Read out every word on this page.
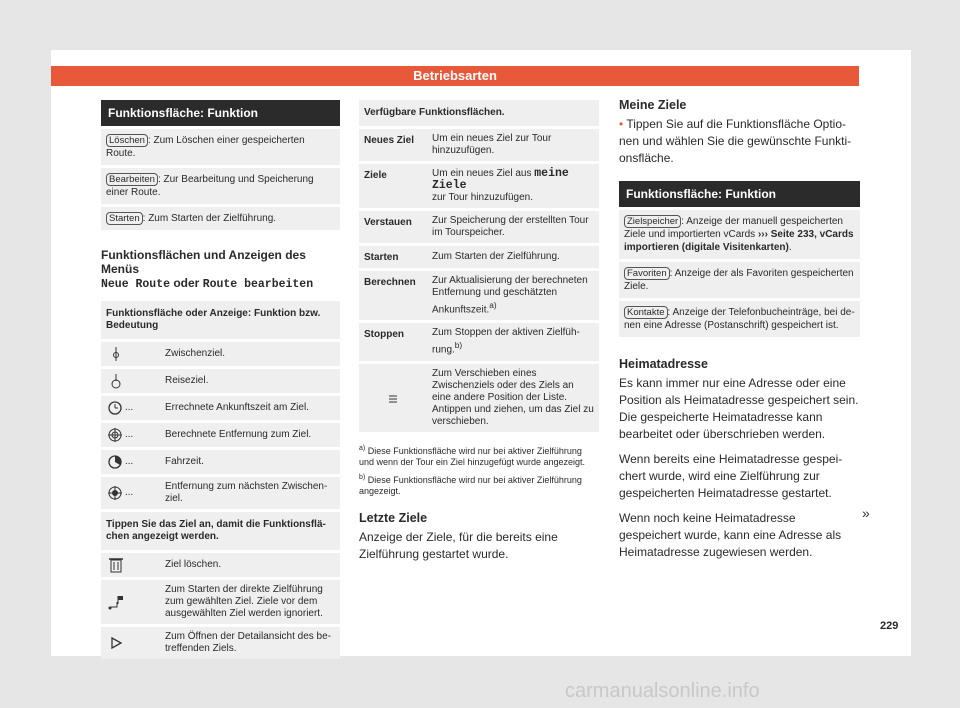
Betriebsarten
Funktionsfläche: Funktion
Löschen : Zum Löschen einer gespeicherten Route.
Bearbeiten : Zur Bearbeitung und Speicherung einer Route.
Starten : Zum Starten der Zielführung.
Funktionsflächen und Anzeigen des Menüs
Neue Route oder Route bearbeiten
Funktionsfläche oder Anzeige: Funktion bzw. Bedeutung	
	Zwischenziel.
	Reiseziel.
...	Errechnete Ankunftszeit am Ziel.
...	Berechnete Entfernung zum Ziel.
...	Fahrzeit.
...	Entfernung zum nächsten Zwischenziel.
Tippen Sie das Ziel an, damit die Funktionsflächen angezeigt werden.	
	Ziel löschen.
	Zum Starten der direkte Zielführung zum gewählten Ziel. Ziele vor dem ausgewählten Ziel werden ignoriert.
	Zum Öffnen der Detailansicht des betreffenden Ziels.
Verfügbare Funktionsflächen.	
Neues Ziel	Um ein neues Ziel zur Tour hinzuzufügen.
Ziele	Um ein neues Ziel aus meine Ziele
zur Tour hinzuzufügen.
Verstauen	Zur Speicherung der erstellten Tour im Tourspeicher.
Starten	Zum Starten der Zielführung.
Berechnen	Zur Aktualisierung der berechneten Entfernung und geschätzten Ankunftszeit.$^{a)}$
Stoppen	Zum Stoppen der aktiven Zielführung.$^{b)}$
	Zum Verschieben eines Zwischenziels oder des Ziels an eine andere Position der Liste. Antippen und ziehen, um das Ziel zu verschieben.
$^{a)}$ Diese Funktionsfläche wird nur bei aktiver Zielführung und wenn der Tour ein Ziel hinzugefügt wurde angezeigt.
$^{b)}$ Diese Funktionsfläche wird nur bei aktiver Zielführung angezeigt.
Letzte Ziele
Anzeige der Ziele, für die bereits eine Zielführung gestartet wurde.
Meine Ziele
• Tippen Sie auf die Funktionsfläche Optionen und wählen Sie die gewünschte Funktionsfläche.
Funktionsfläche: Funktion
Zielspeicher : Anzeige der manuell gespeicherten Ziele und importierten vCards ››› Seite 233, vCards importieren (digitale Visitenkarten).
Favoriten : Anzeige der als Favoriten gespeicherten Ziele.
Kontakte : Anzeige der Telefonbucheinträge, bei denen eine Adresse (Postanschrift) gespeichert ist.
Heimatadresse
Es kann immer nur eine Adresse oder eine Position als Heimatadresse gespeichert sein. Die gespeicherte Heimatadresse kann bearbeitet oder überschrieben werden.
Wenn bereits eine Heimatadresse gespeichert wurde, wird eine Zielführung zur gespeicherten Heimatadresse gestartet.
Wenn noch keine Heimatadresse gespeichert wurde, kann eine Adresse als Heimatadresse zugewiesen werden.
»
229
carmanualsonline.info
